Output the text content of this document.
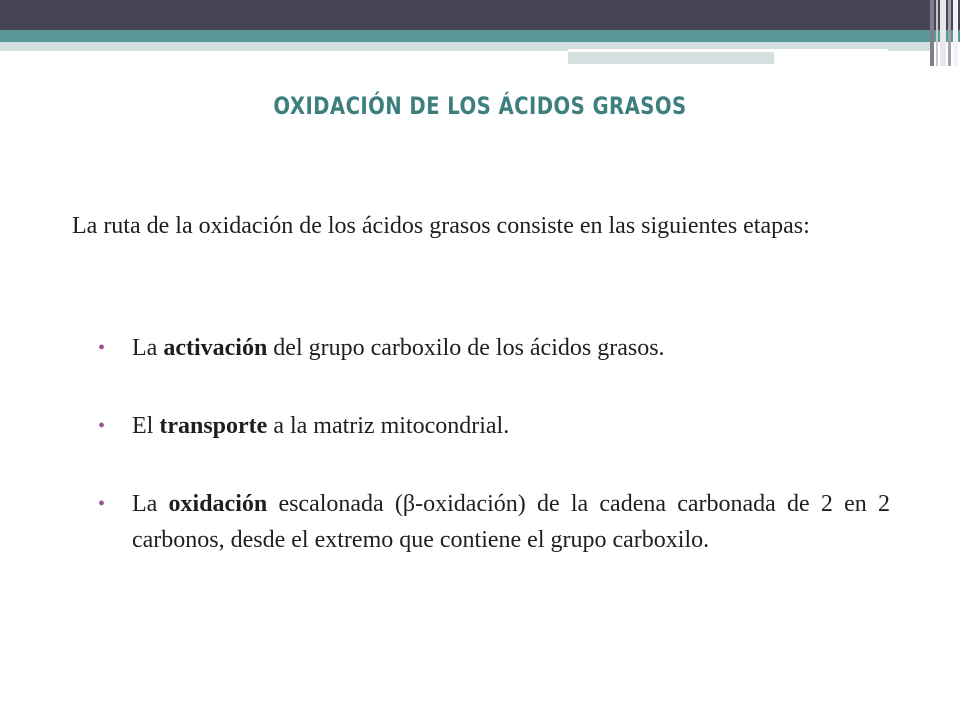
OXIDACIÓN DE LOS ÁCIDOS GRASOS

La ruta de la oxidación de los ácidos grasos consiste en las siguientes etapas:

• La activación del grupo carboxilo de los ácidos grasos.
• El transporte a la matriz mitocondrial.
• La oxidación escalonada (β-oxidación) de la cadena carbonada de 2 en 2 carbonos, desde el extremo que contiene el grupo carboxilo.
